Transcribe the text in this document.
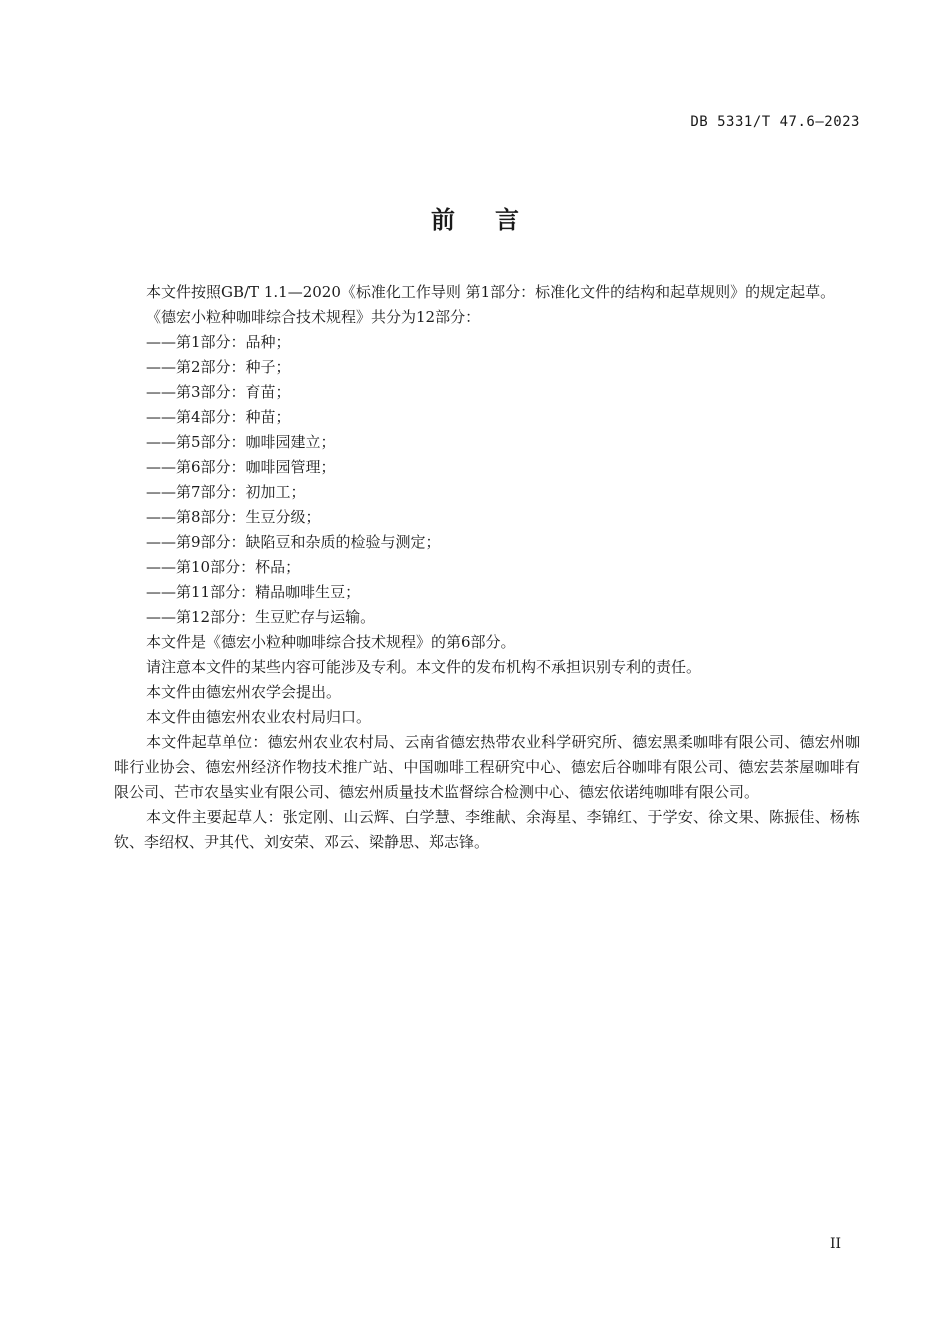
DB 5331/T 47.6—2023
前言

本文件按照GB/T 1.1—2020《标准化工作导则 第1部分：标准化文件的结构和起草规则》的规定起草。

《德宏小粒种咖啡综合技术规程》共分为12部分：

——第1部分：品种；

——第2部分：种子；

——第3部分：育苗；

——第4部分：种苗；

——第5部分：咖啡园建立；

——第6部分：咖啡园管理；

——第7部分：初加工；

——第8部分：生豆分级；

——第9部分：缺陷豆和杂质的检验与测定；

——第10部分：杯品；

——第11部分：精品咖啡生豆；

——第12部分：生豆贮存与运输。

本文件是《德宏小粒种咖啡综合技术规程》的第6部分。

请注意本文件的某些内容可能涉及专利。本文件的发布机构不承担识别专利的责任。

本文件由德宏州农学会提出。

本文件由德宏州农业农村局归口。

本文件起草单位：德宏州农业农村局、云南省德宏热带农业科学研究所、德宏黑柔咖啡有限公司、德宏州咖啡行业协会、德宏州经济作物技术推广站、中国咖啡工程研究中心、德宏后谷咖啡有限公司、德宏芸茶屋咖啡有限公司、芒市农垦实业有限公司、德宏州质量技术监督综合检测中心、德宏依诺纯咖啡有限公司。

本文件主要起草人：张定刚、山云辉、白学慧、李维献、余海星、李锦红、于学安、徐文果、陈振佳、杨栋钦、李绍权、尹其代、刘安荣、邓云、梁静思、郑志锋。

II
